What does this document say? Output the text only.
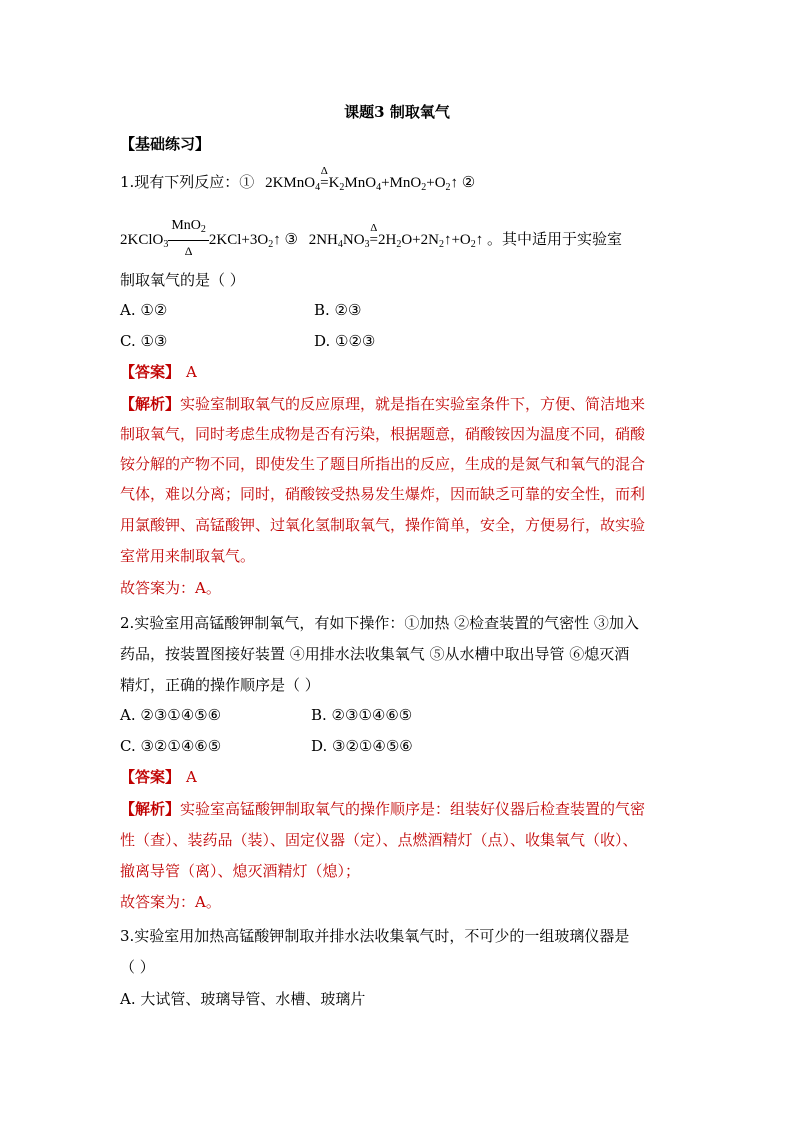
课题3 制取氧气
【基础练习】
1.现有下列反应：① 2KMnO$_4$
Δ
$=K_2MnO_4+MnO_2+O_2↑$ ②
2KClO$_3$ $\frac{MnO_2}{\Delta}$ $2KCl+3O_2↑$ ③ $2NH_4NO_3$
Δ
$=2H_2O+2N_2↑+O_2↑$ 。其中适用于实验室
制取氧气的是（ ）
A. ①②	B. ②③
C. ①③	D. ①②③
【答案】 A
【解析】实验室制取氧气的反应原理，就是指在实验室条件下，方便、简洁地来
制取氧气，同时考虑生成物是否有污染，根据题意，硝酸铵因为温度不同，硝酸
铵分解的产物不同，即使发生了题目所指出的反应，生成的是氮气和氧气的混合
气体，难以分离；同时，硝酸铵受热易发生爆炸，因而缺乏可靠的安全性，而利
用氯酸钾、高锰酸钾、过氧化氢制取氧气，操作简单，安全，方便易行，故实验
室常用来制取氧气。
故答案为：A。
2.实验室用高锰酸钾制氧气，有如下操作：①加热 ②检查装置的气密性 ③加入
药品，按装置图接好装置 ④用排水法收集氧气 ⑤从水槽中取出导管 ⑥熄灭酒
精灯，正确的操作顺序是（ ）
A. ②③①④⑤⑥	B. ②③①④⑥⑤
C. ③②①④⑥⑤	D. ③②①④⑤⑥
【答案】 A
【解析】实验室高锰酸钾制取氧气的操作顺序是：组装好仪器后检查装置的气密
性（查）、装药品（装）、固定仪器（定）、点燃酒精灯（点）、收集氧气（收）、
撤离导管（离）、熄灭酒精灯（熄）；
故答案为：A。
3.实验室用加热高锰酸钾制取并排水法收集氧气时，不可少的一组玻璃仪器是
（ ）
A. 大试管、玻璃导管、水槽、玻璃片
